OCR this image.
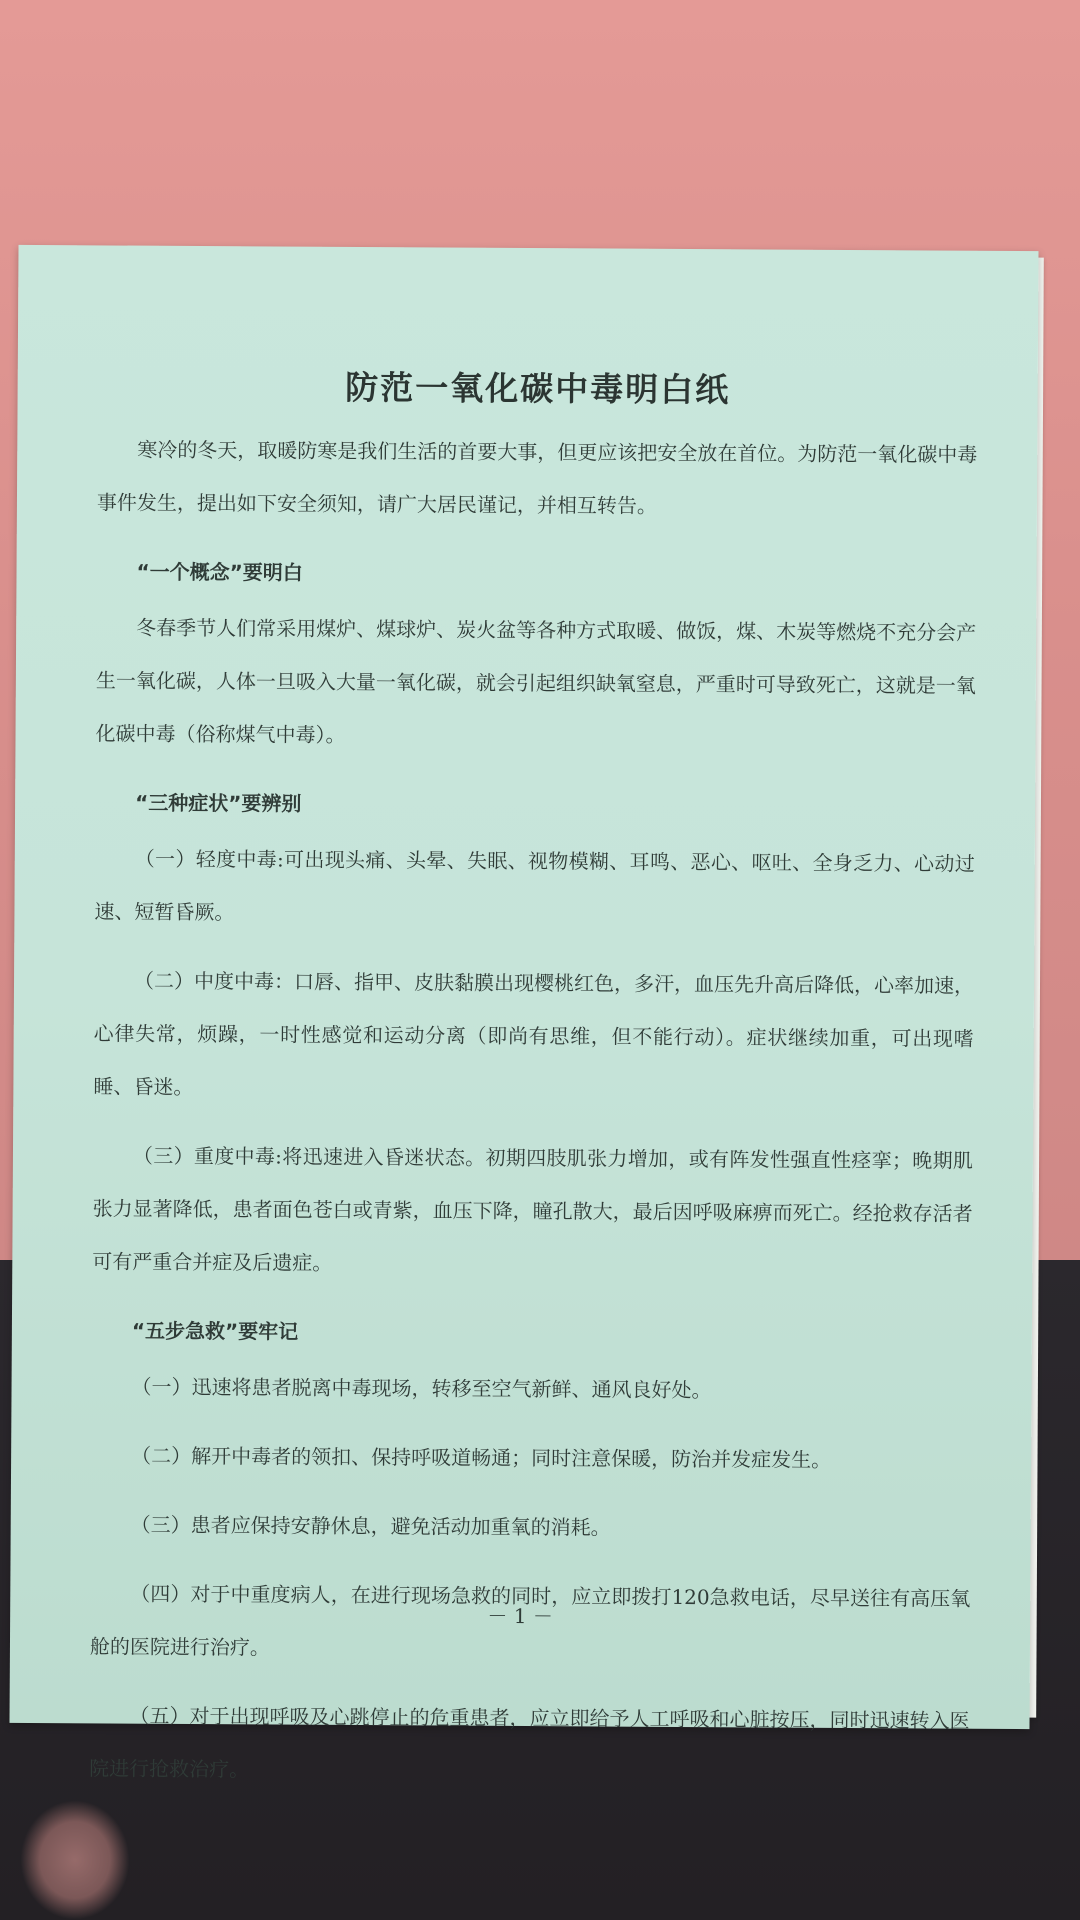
防范一氧化碳中毒明白纸

寒冷的冬天，取暖防寒是我们生活的首要大事，但更应该把安全放在首位。为防范一氧化碳中毒事件发生，提出如下安全须知，请广大居民谨记，并相互转告。

“一个概念”要明白

冬春季节人们常采用煤炉、煤球炉、炭火盆等各种方式取暖、做饭，煤、木炭等燃烧不充分会产生一氧化碳，人体一旦吸入大量一氧化碳，就会引起组织缺氧窒息，严重时可导致死亡，这就是一氧化碳中毒（俗称煤气中毒）。

“三种症状”要辨别

（一）轻度中毒:可出现头痛、头晕、失眠、视物模糊、耳鸣、恶心、呕吐、全身乏力、心动过速、短暂昏厥。

（二）中度中毒：口唇、指甲、皮肤黏膜出现樱桃红色，多汗，血压先升高后降低，心率加速，心律失常，烦躁，一时性感觉和运动分离（即尚有思维，但不能行动）。症状继续加重，可出现嗜睡、昏迷。

（三）重度中毒:将迅速进入昏迷状态。初期四肢肌张力增加，或有阵发性强直性痉挛；晚期肌张力显著降低，患者面色苍白或青紫，血压下降，瞳孔散大，最后因呼吸麻痹而死亡。经抢救存活者可有严重合并症及后遗症。

“五步急救”要牢记

（一）迅速将患者脱离中毒现场，转移至空气新鲜、通风良好处。

（二）解开中毒者的领扣、保持呼吸道畅通；同时注意保暖，防治并发症发生。

（三）患者应保持安静休息，避免活动加重氧的消耗。

（四）对于中重度病人，在进行现场急救的同时，应立即拨打120急救电话，尽早送往有高压氧舱的医院进行治疗。

（五）对于出现呼吸及心跳停止的危重患者，应立即给予人工呼吸和心脏按压，同时迅速转入医院进行抢救治疗。

－ 1 －
